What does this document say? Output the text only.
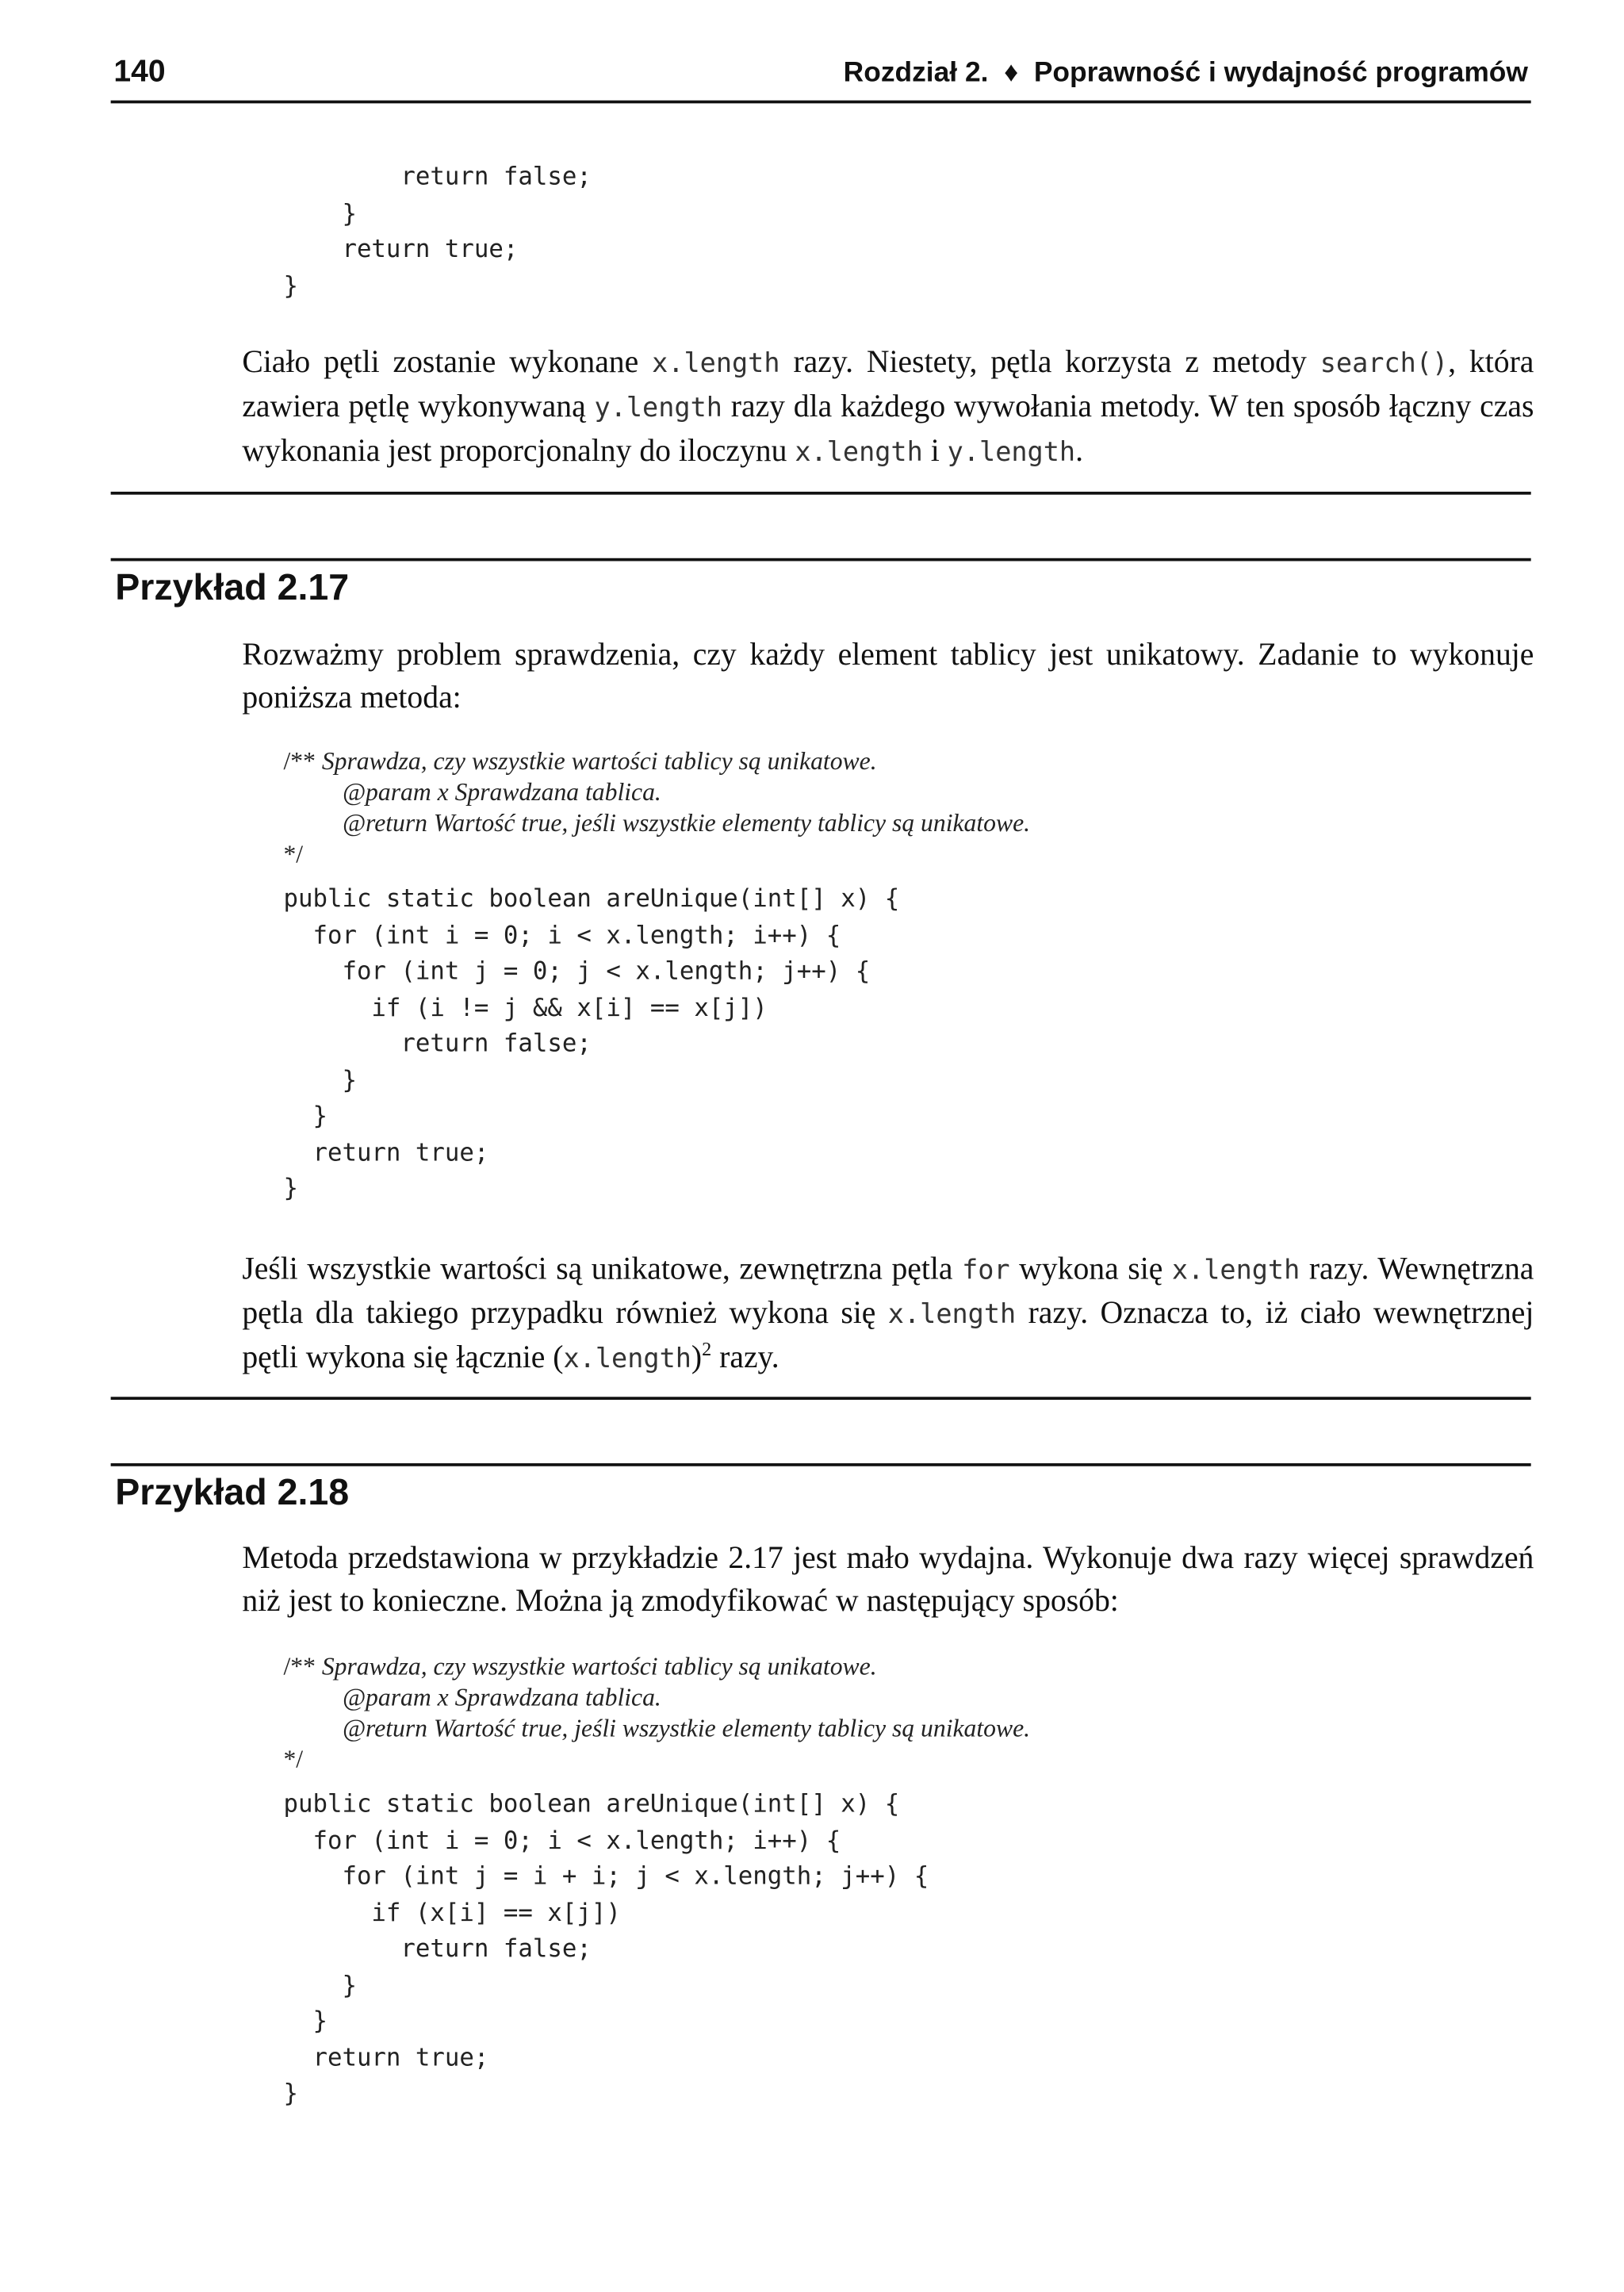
140	Rozdział 2.  ♦  Poprawność i wydajność programów
return false;
}
return true;
}

Ciało pętli zostanie wykonane x.length razy. Niestety, pętla korzysta z metody search(), która zawiera pętlę wykonywaną y.length razy dla każdego wywołania metody. W ten sposób łączny czas wykonania jest proporcjonalny do iloczynu x.length i y.length.

Przykład 2.17

Rozważmy problem sprawdzenia, czy każdy element tablicy jest unikatowy. Zadanie to wykonuje poniższa metoda:

/** Sprawdza, czy wszystkie wartości tablicy są unikatowe.
@param x Sprawdzana tablica.
@return Wartość true, jeśli wszystkie elementy tablicy są unikatowe.
*/
public static boolean areUnique(int[] x) {
for (int i = 0; i < x.length; i++) {
for (int j = 0; j < x.length; j++) {
if (i != j && x[i] == x[j])
return false;
}
}
return true;
}

Jeśli wszystkie wartości są unikatowe, zewnętrzna pętla for wykona się x.length razy. Wewnętrzna pętla dla takiego przypadku również wykona się x.length razy. Oznacza to, iż ciało wewnętrznej pętli wykona się łącznie (x.length)$^2$ razy.

Przykład 2.18

Metoda przedstawiona w przykładzie 2.17 jest mało wydajna. Wykonuje dwa razy więcej sprawdzeń niż jest to konieczne. Można ją zmodyfikować w następujący sposób:

/** Sprawdza, czy wszystkie wartości tablicy są unikatowe.
@param x Sprawdzana tablica.
@return Wartość true, jeśli wszystkie elementy tablicy są unikatowe.
*/
public static boolean areUnique(int[] x) {
for (int i = 0; i < x.length; i++) {
for (int j = i + i; j < x.length; j++) {
if (x[i] == x[j])
return false;
}
}
return true;
}
